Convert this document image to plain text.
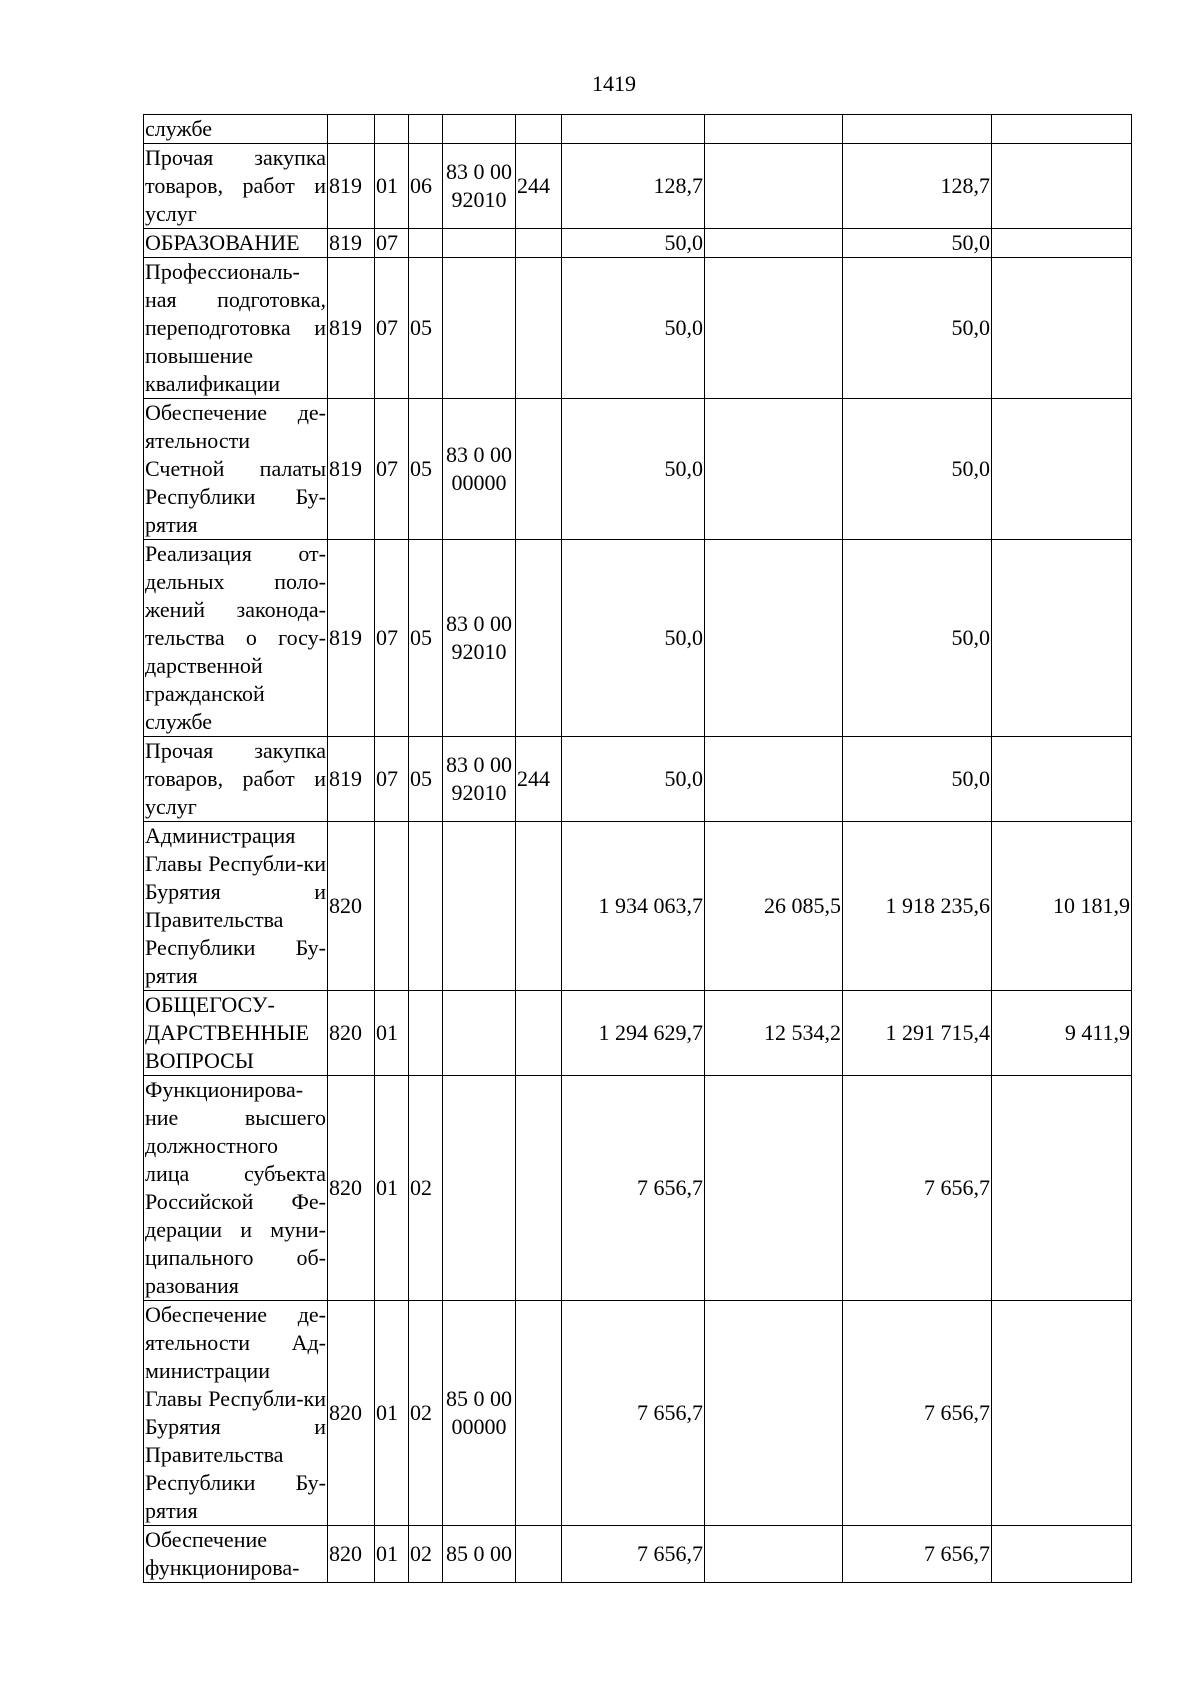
1419
службе									
Прочая закупка товаров, работ и услуг	819	01	06	83 0 00 92010	244	128,7		128,7	
ОБРАЗОВАНИЕ	819	07				50,0		50,0	
Профессиональ-ная подготовка, переподготовка и повышение квалификации	819	07	05			50,0		50,0	
Обеспечение де-ятельности Счетной палаты Республики Бу-рятия	819	07	05	83 0 00 00000		50,0		50,0	
Реализация от-дельных поло-жений законода-тельства о госу-дарственной гражданской службе	819	07	05	83 0 00 92010		50,0		50,0	
Прочая закупка товаров, работ и услуг	819	07	05	83 0 00 92010	244	50,0		50,0	
Администрация Главы Республи-ки Бурятия и Правительства Республики Бу-рятия	820					1 934 063,7	26 085,5	1 918 235,6	10 181,9
ОБЩЕГОСУ-ДАРСТВЕННЫЕ ВОПРОСЫ	820	01				1 294 629,7	12 534,2	1 291 715,4	9 411,9
Функционирова-ние высшего должностного лица субъекта Российской Фе-дерации и муни-ципального об-разования	820	01	02			7 656,7		7 656,7	
Обеспечение де-ятельности Ад-министрации Главы Республи-ки Бурятия и Правительства Республики Бу-рятия	820	01	02	85 0 00 00000		7 656,7		7 656,7	
Обеспечение функционирова-	820	01	02	85 0 00		7 656,7		7 656,7	
